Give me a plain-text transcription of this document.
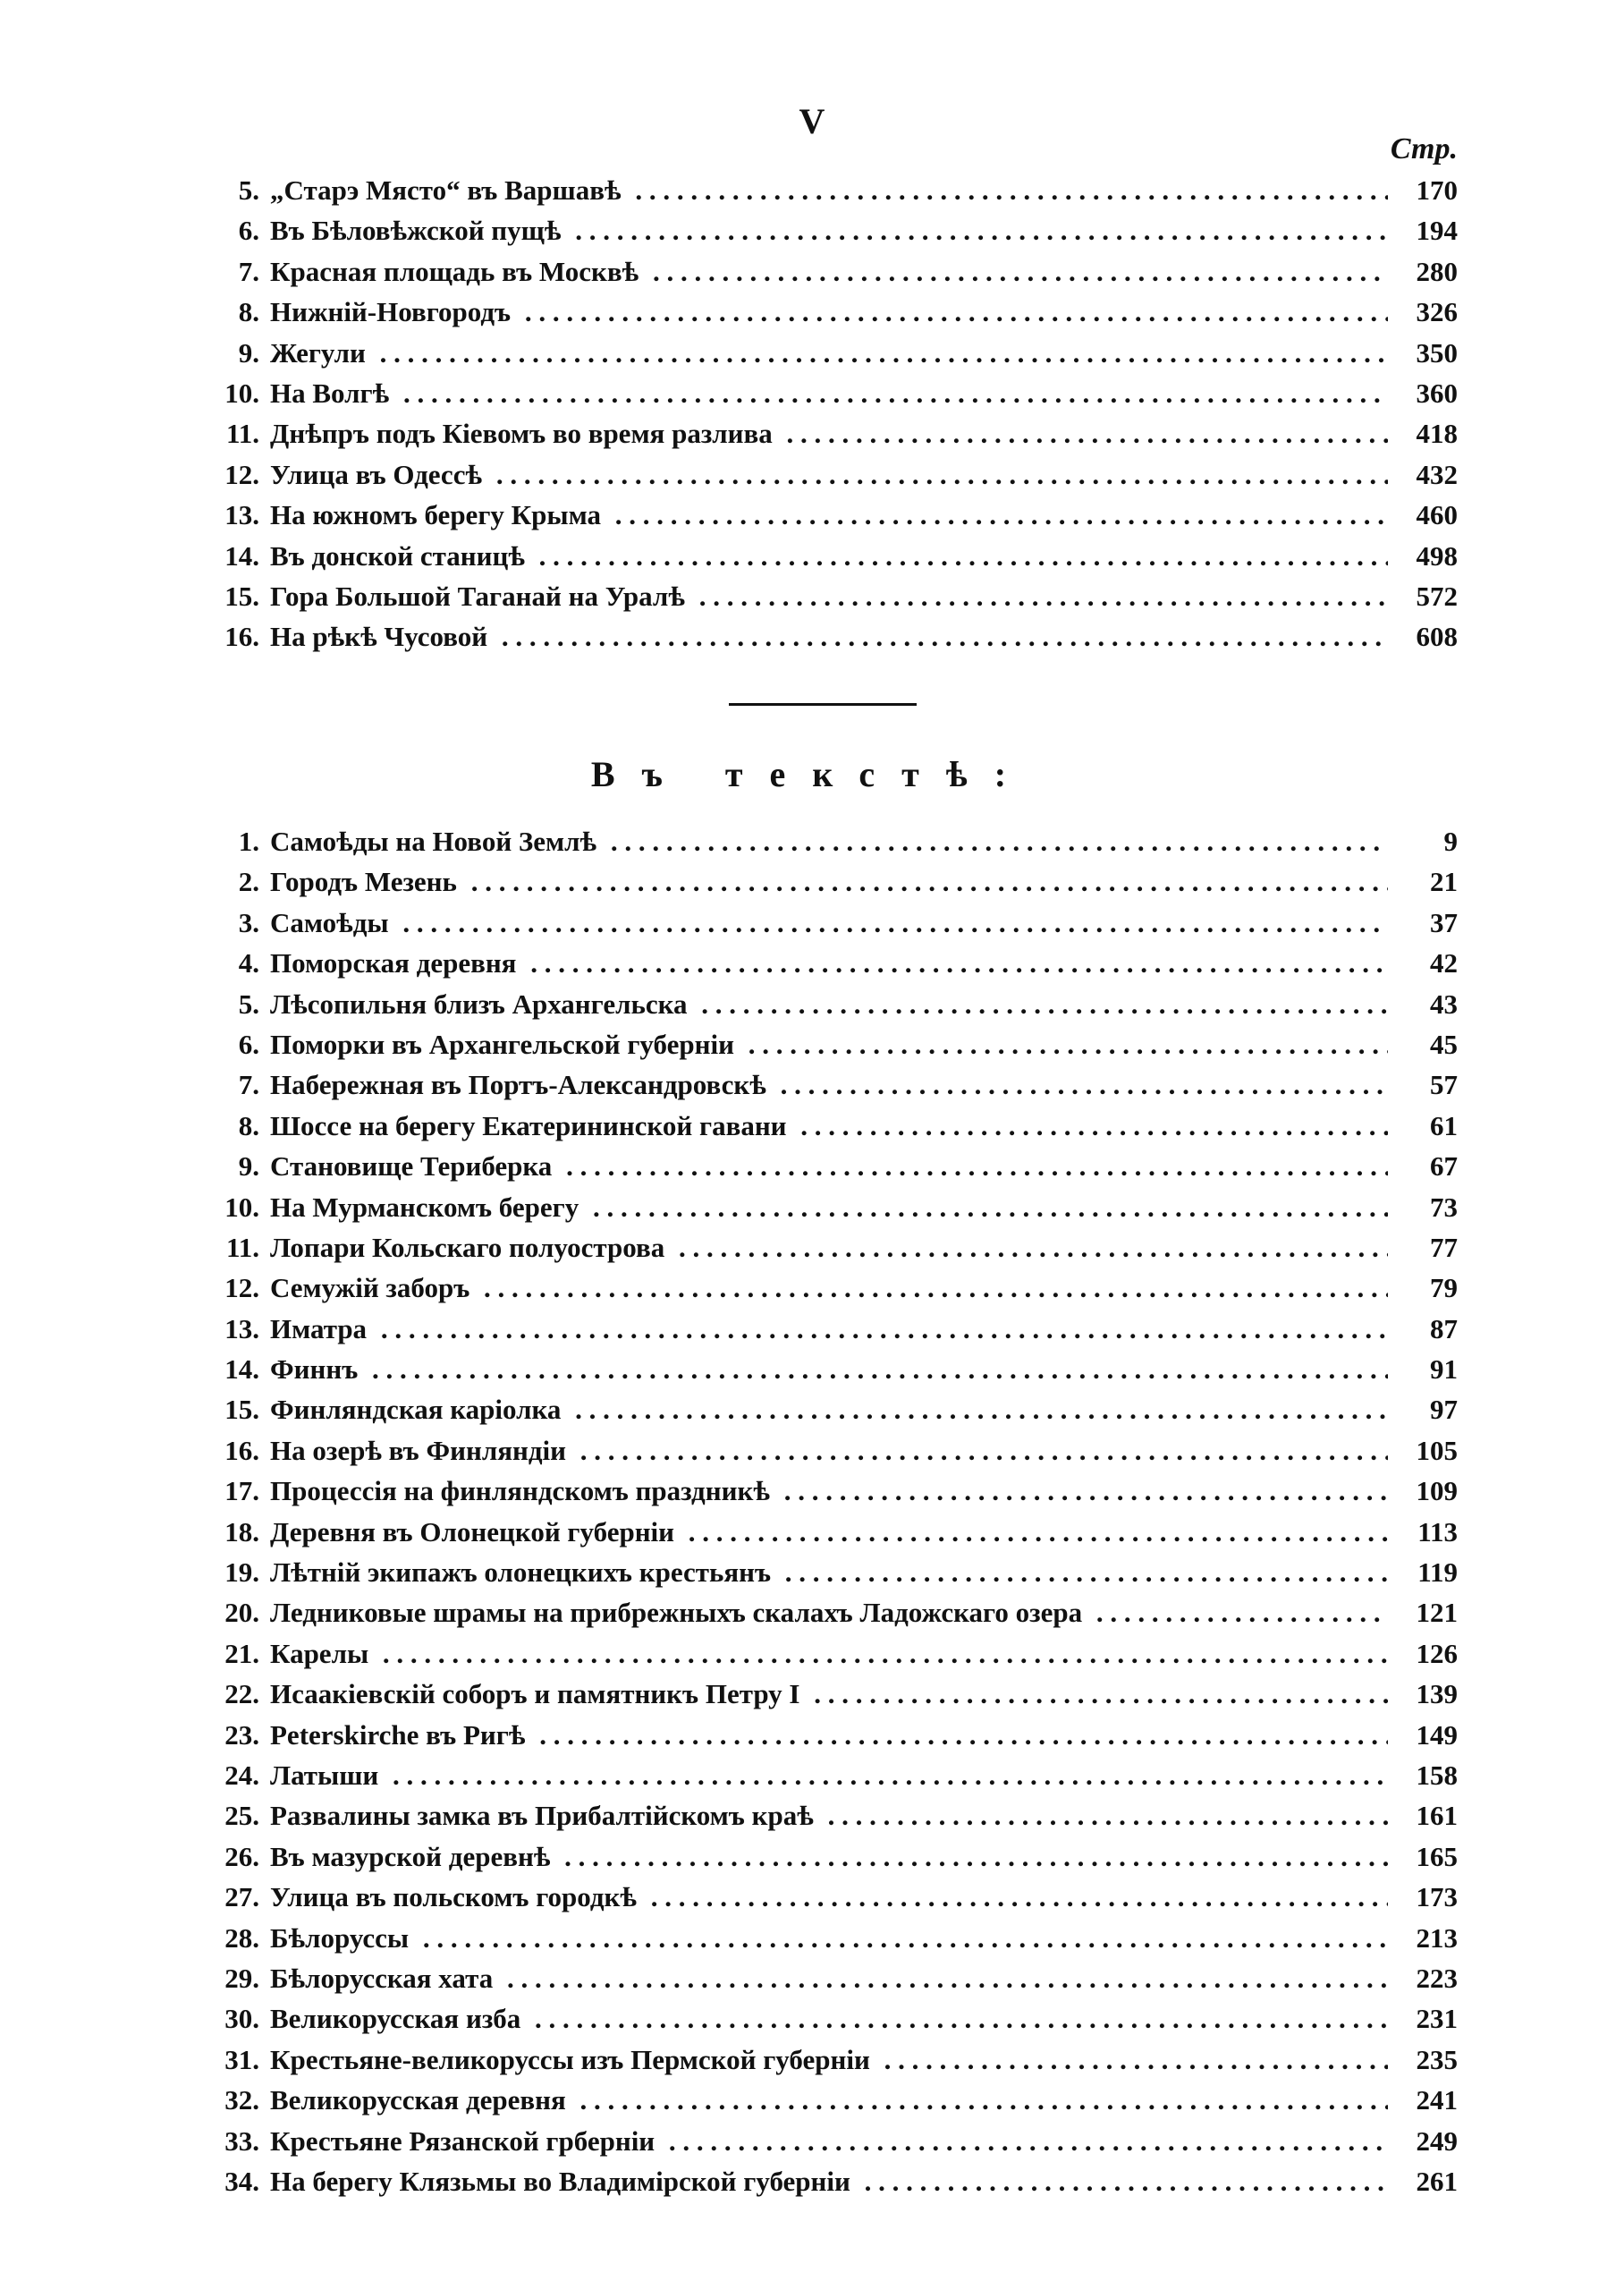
V
Стр.
5. „Старэ Място“ въ Варшавѣ . . .	170
6. Въ Бѣловѣжской пущѣ . . .	194
7. Красная площадь въ Москвѣ . . .	280
8. Нижній-Новгородъ . . .	326
9. Жегули . . .	350
10. На Волгѣ . . .	360
11. Днѣпръ подъ Кіевомъ во время разлива . . .	418
12. Улица въ Одессѣ . . .	432
13. На южномъ берегу Крыма . . .	460
14. Въ донской станицѣ . . .	498
15. Гора Большой Таганай на Уралѣ . . .	572
16. На рѣкѣ Чусовой . . .	608
Въ текстѣ:
1. Самоѣды на Новой Землѣ . . .	9
2. Городъ Мезень . . .	21
3. Самоѣды . . .	37
4. Поморская деревня . . .	42
5. Лѣсопильня близъ Архангельска . . .	43
6. Поморки въ Архангельской губерніи . . .	45
7. Набережная въ Портъ-Александровскѣ . . .	57
8. Шоссе на берегу Екатерининской гавани . . .	61
9. Становище Териберка . . .	67
10. На Мурманскомъ берегу . . .	73
11. Лопари Кольскаго полуострова . . .	77
12. Семужій заборъ . . .	79
13. Иматра . . .	87
14. Финнъ . . .	91
15. Финляндская каріолка . . .	97
16. На озерѣ въ Финляндіи . . .	105
17. Процессія на финляндскомъ праздникѣ . . .	109
18. Деревня въ Олонецкой губерніи . . .	113
19. Лѣтній экипажъ олонецкихъ крестьянъ . . .	119
20. Ледниковые шрамы на прибрежныхъ скалахъ Ладожскаго озера . . .	121
21. Карелы . . .	126
22. Исаакіевскій соборъ и памятникъ Петру I . . .	139
23. Peterskirche въ Ригѣ . . .	149
24. Латыши . . .	158
25. Развалины замка въ Прибалтійскомъ краѣ . . .	161
26. Въ мазурской деревнѣ . . .	165
27. Улица въ польскомъ городкѣ . . .	173
28. Бѣлоруссы . . .	213
29. Бѣлорусская хата . . .	223
30. Великорусская изба . . .	231
31. Крестьяне-великоруссы изъ Пермской губерніи . . .	235
32. Великорусская деревня . . .	241
33. Крестьяне Рязанской грберніи . . .	249
34. На берегу Клязьмы во Владимірской губерніи . . .	261
